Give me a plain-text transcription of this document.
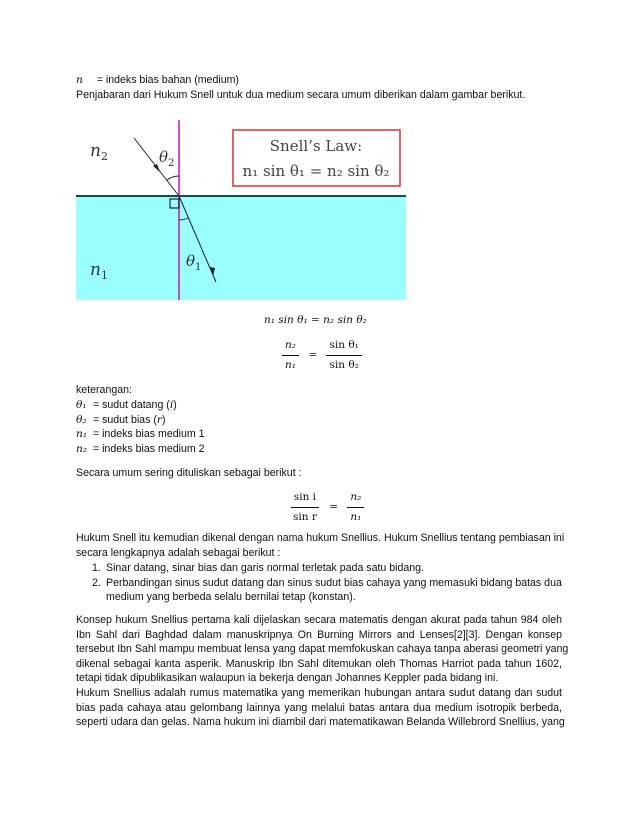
n = indeks bias bahan (medium)

Penjabaran dari Hukum Snell untuk dua medium secara umum diberikan dalam gambar berikut.

Snell’s Law:
n₁ sin θ₁ = n₂ sin θ₂
$n_2$	$\theta_2$
$n_1$
$\theta_1$
n₁ sin θ₁ = n₂ sin θ₂
$\frac{\text{n₂}}{\text{n₁}} = \frac{\text{sin θ₁}}{\text{sin θ₂}}$

keterangan:

θ₁ = sudut datang (i)
θ₂ = sudut bias (r)
n₁ = indeks bias medium 1
n₂ = indeks bias medium 2

Secara umum sering dituliskan sebagai berikut :

$\frac{\text{sin i}}{\text{sin r}} = \frac{\text{n₂}}{\text{n₁}}$

Hukum Snell itu kemudian dikenal dengan nama hukum Snellius. Hukum Snellius tentang pembiasan ini

secara lengkapnya adalah sebagai berikut :

1. Sinar datang, sinar bias dan garis normal terletak pada satu bidang.
2. Perbandingan sinus sudut datang dan sinus sudut bias cahaya yang memasuki bidang batas dua
medium yang berbeda selalu bernilai tetap (konstan).
Konsep hukum Snellius pertama kali dijelaskan secara matematis dengan akurat pada tahun 984 oleh
Ibn Sahl dari Baghdad dalam manuskripnya On Burning Mirrors and Lenses[2][3]. Dengan konsep
tersebut Ibn Sahl mampu membuat lensa yang dapat memfokuskan cahaya tanpa aberasi geometri yang
dikenal sebagai kanta asperik. Manuskrip Ibn Sahl ditemukan oleh Thomas Harriot pada tahun 1602,
tetapi tidak dipublikasikan walaupun ia bekerja dengan Johannes Keppler pada bidang ini.
Hukum Snellius adalah rumus matematika yang memerikan hubungan antara sudut datang dan sudut
bias pada cahaya atau gelombang lainnya yang melalui batas antara dua medium isotropik berbeda,
seperti udara dan gelas. Nama hukum ini diambil dari matematikawan Belanda Willebrord Snellius, yang
